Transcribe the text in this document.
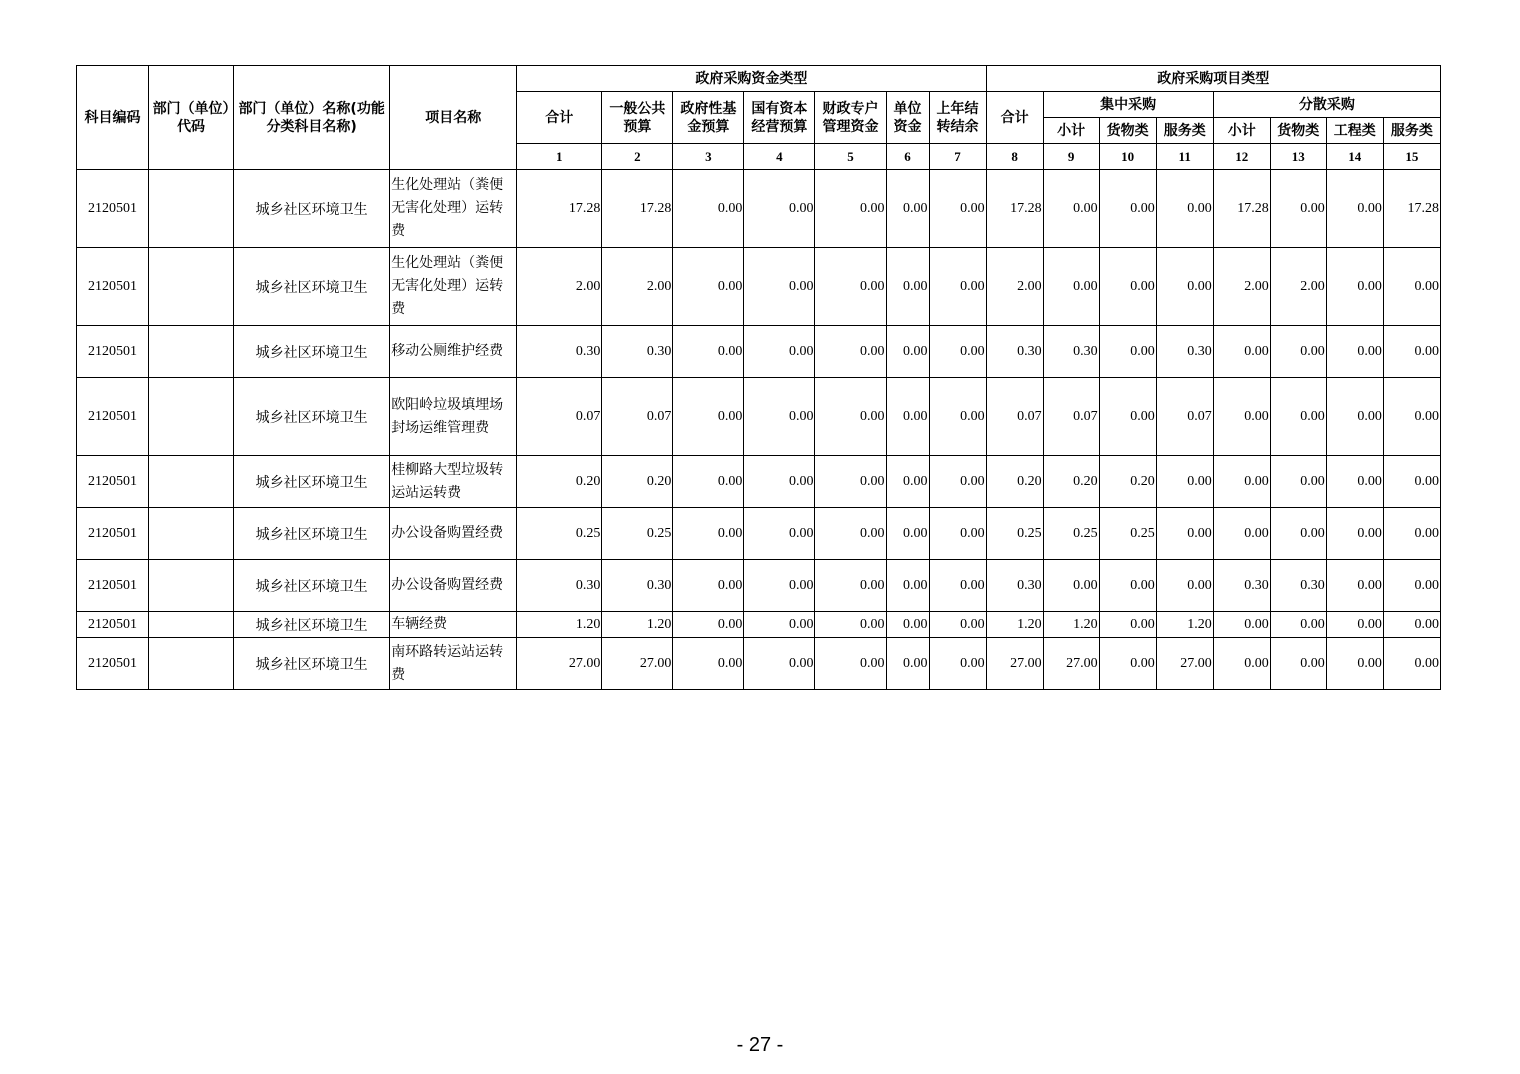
科目编码	部门（单位）代码	部门（单位）名称(功能分类科目名称)	项目名称	政府采购资金类型							政府采购项目类型							
				合计	一般公共预算	政府性基金预算	国有资本经营预算	财政专户管理资金	单位资金	上年结转结余	合计	集中采购			分散采购			
												小计	货物类	服务类	小计	货物类	工程类	服务类
				1	2	3	4	5	6	7	8	9	10	11	12	13	14	15
2120501		城乡社区环境卫生	生化处理站（粪便无害化处理）运转费	17.28	17.28	0.00	0.00	0.00	0.00	0.00	17.28	0.00	0.00	0.00	17.28	0.00	0.00	17.28
2120501		城乡社区环境卫生	生化处理站（粪便无害化处理）运转费	2.00	2.00	0.00	0.00	0.00	0.00	0.00	2.00	0.00	0.00	0.00	2.00	2.00	0.00	0.00
2120501		城乡社区环境卫生	移动公厕维护经费	0.30	0.30	0.00	0.00	0.00	0.00	0.00	0.30	0.30	0.00	0.30	0.00	0.00	0.00	0.00
2120501		城乡社区环境卫生	欧阳岭垃圾填埋场封场运维管理费	0.07	0.07	0.00	0.00	0.00	0.00	0.00	0.07	0.07	0.00	0.07	0.00	0.00	0.00	0.00
2120501		城乡社区环境卫生	桂柳路大型垃圾转运站运转费	0.20	0.20	0.00	0.00	0.00	0.00	0.00	0.20	0.20	0.20	0.00	0.00	0.00	0.00	0.00
2120501		城乡社区环境卫生	办公设备购置经费	0.25	0.25	0.00	0.00	0.00	0.00	0.00	0.25	0.25	0.25	0.00	0.00	0.00	0.00	0.00
2120501		城乡社区环境卫生	办公设备购置经费	0.30	0.30	0.00	0.00	0.00	0.00	0.00	0.30	0.00	0.00	0.00	0.30	0.30	0.00	0.00
2120501		城乡社区环境卫生	车辆经费	1.20	1.20	0.00	0.00	0.00	0.00	0.00	1.20	1.20	0.00	1.20	0.00	0.00	0.00	0.00
2120501		城乡社区环境卫生	南环路转运站运转费	27.00	27.00	0.00	0.00	0.00	0.00	0.00	27.00	27.00	0.00	27.00	0.00	0.00	0.00	0.00
- 27 -
